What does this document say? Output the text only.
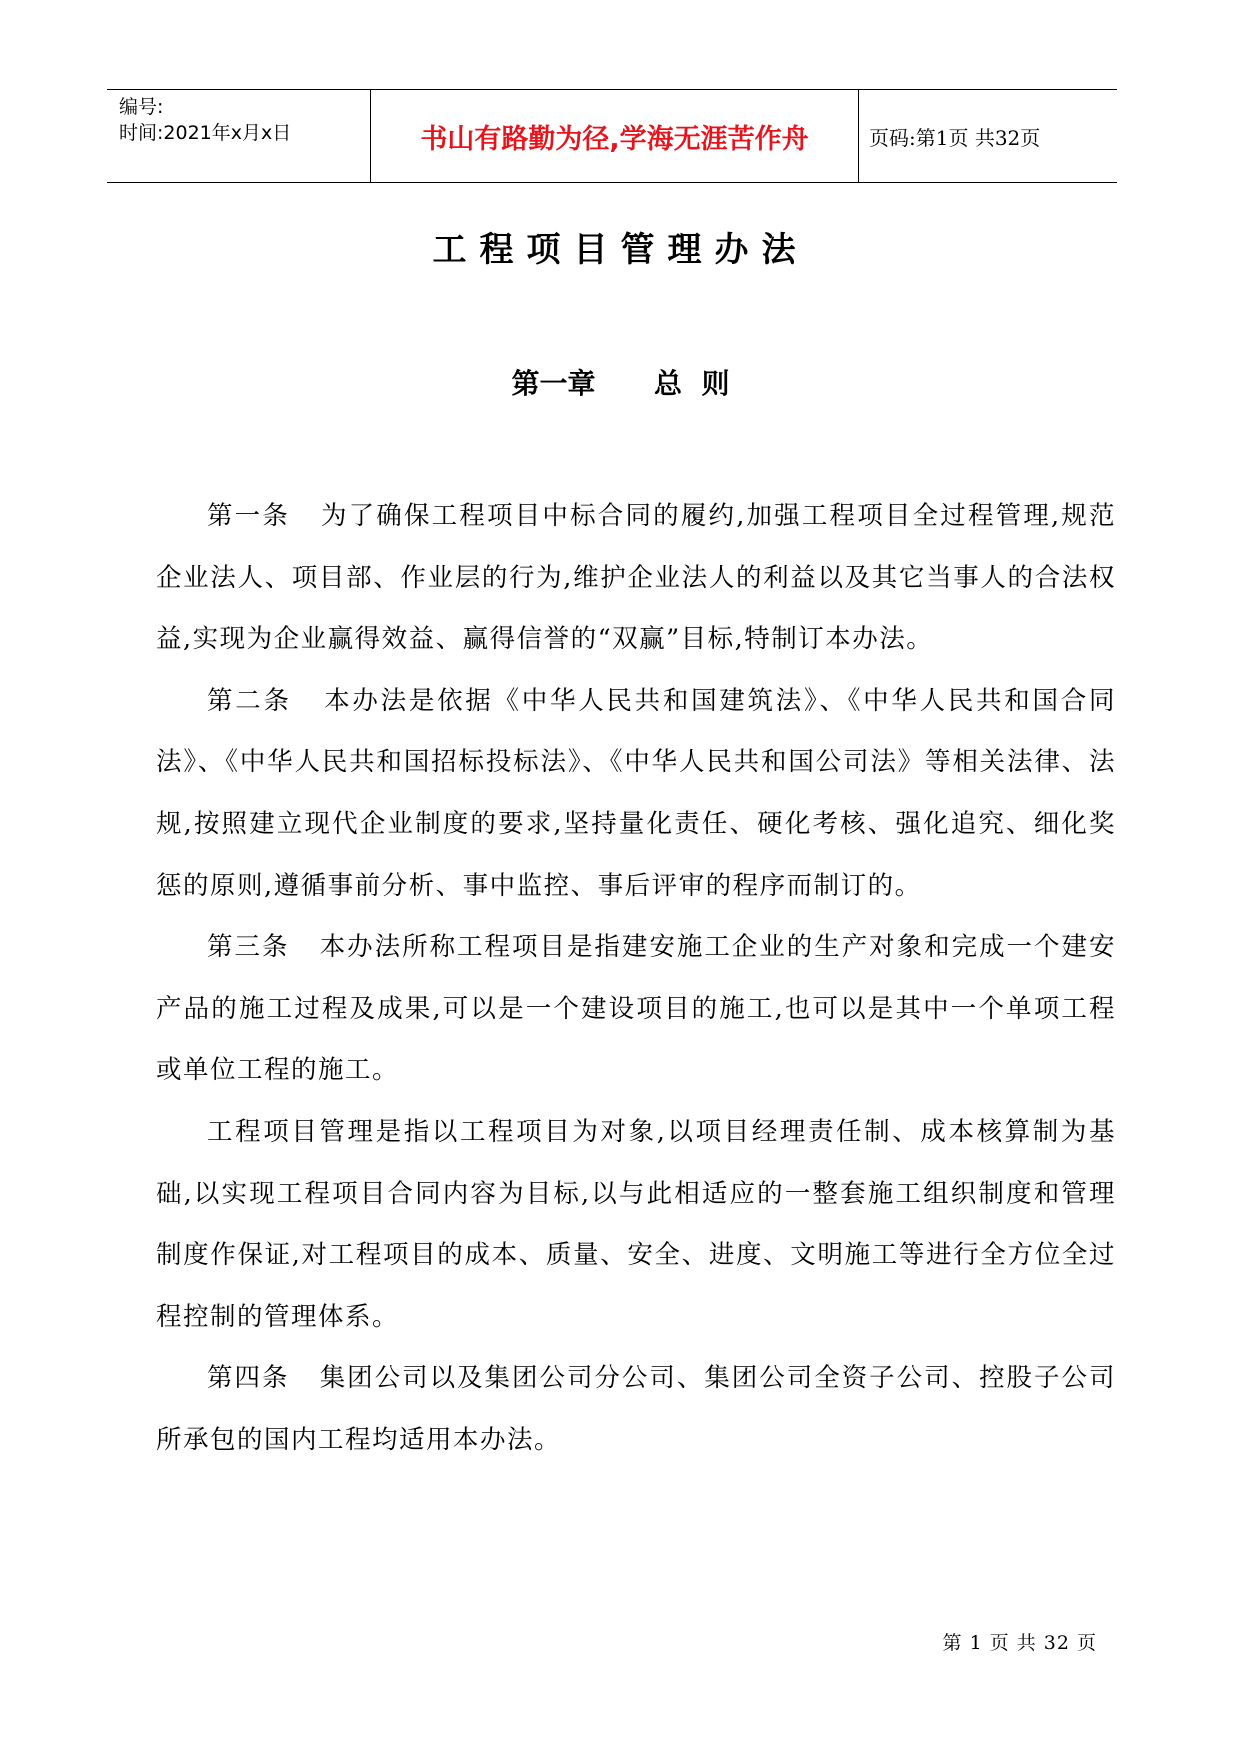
编号:
时间:2021年x月x日	书山有路勤为径,学海无涯苦作舟	页码:第1页 共32页
工程项目管理办法
第一章      总  则

第一条 为了确保工程项目中标合同的履约,加强工程项目全过程管理,规范企业法人、项目部、作业层的行为,维护企业法人的利益以及其它当事人的合法权益,实现为企业赢得效益、赢得信誉的“双赢”目标,特制订本办法。

第二条 本办法是依据《中华人民共和国建筑法》、《中华人民共和国合同法》、《中华人民共和国招标投标法》、《中华人民共和国公司法》等相关法律、法规,按照建立现代企业制度的要求,坚持量化责任、硬化考核、强化追究、细化奖惩的原则,遵循事前分析、事中监控、事后评审的程序而制订的。

第三条 本办法所称工程项目是指建安施工企业的生产对象和完成一个建安产品的施工过程及成果,可以是一个建设项目的施工,也可以是其中一个单项工程或单位工程的施工。

工程项目管理是指以工程项目为对象,以项目经理责任制、成本核算制为基础,以实现工程项目合同内容为目标,以与此相适应的一整套施工组织制度和管理制度作保证,对工程项目的成本、质量、安全、进度、文明施工等进行全方位全过程控制的管理体系。

第四条 集团公司以及集团公司分公司、集团公司全资子公司、控股子公司所承包的国内工程均适用本办法。

第 1 页 共 32 页
